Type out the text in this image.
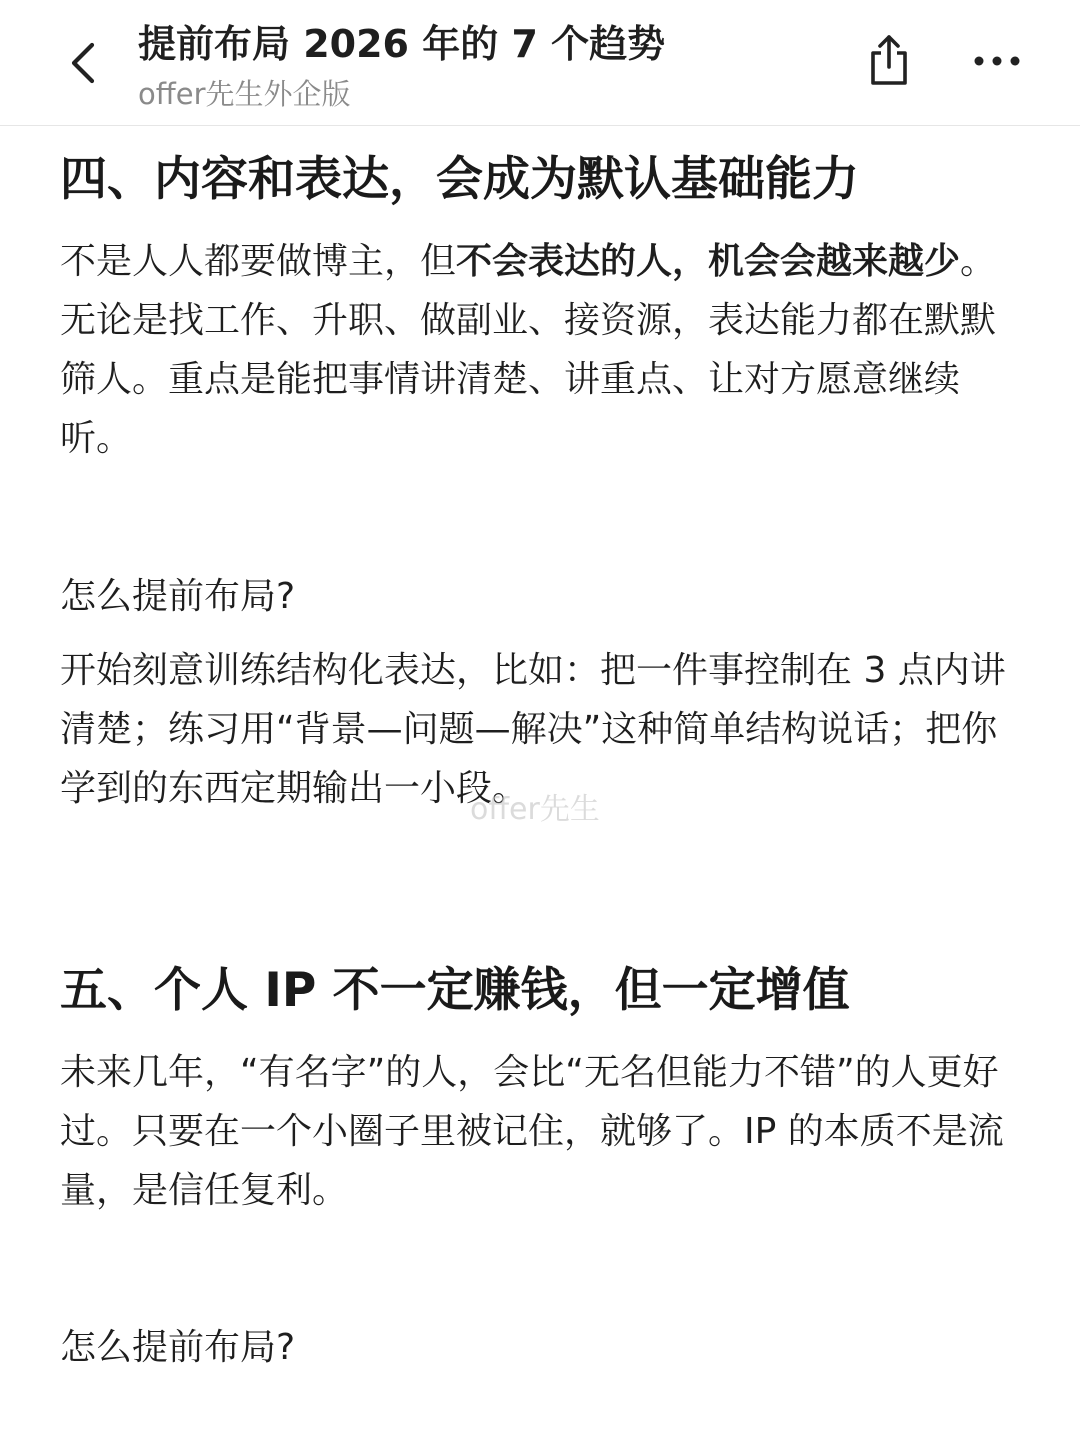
提前布局 2026 年的 7 个趋势
offer先生外企版
四、内容和表达，会成为默认基础能力

不是人人都要做博主，但不会表达的人，机会会越来越少。无论是找工作、升职、做副业、接资源，表达能力都在默默筛人。重点是能把事情讲清楚、讲重点、让对方愿意继续听。

怎么提前布局?

开始刻意训练结构化表达，比如：把一件事控制在 3 点内讲清楚；练习用“背景—问题—解决”这种简单结构说话；把你学到的东西定期输出一小段。

五、个人 IP 不一定赚钱，但一定增值

未来几年，“有名字”的人，会比“无名但能力不错”的人更好过。只要在一个小圈子里被记住，就够了。IP 的本质不是流量，是信任复利。

怎么提前布局?

offer先生
